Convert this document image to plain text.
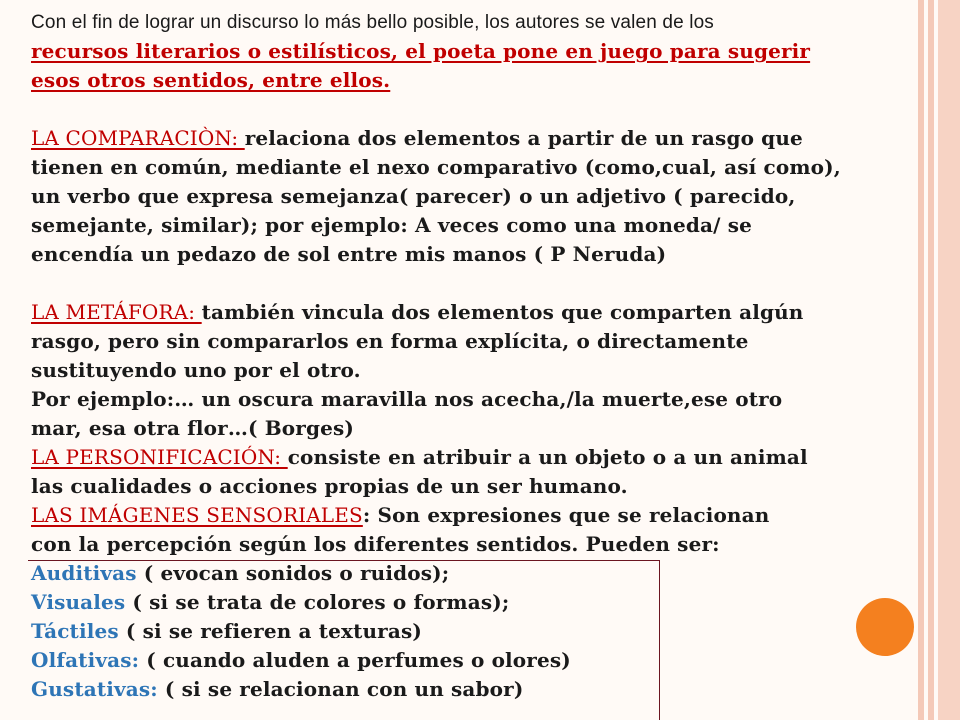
Con el fin de lograr un discurso lo más bello posible, los autores se valen de los
recursos literarios o estilísticos, el poeta pone en juego para sugerir
esos otros sentidos, entre ellos.
LA COMPARACIÒN: relaciona dos elementos a partir de un rasgo que
tienen en común, mediante el nexo comparativo (como,cual, así como),
un verbo que expresa semejanza( parecer) o un adjetivo ( parecido,
semejante, similar); por ejemplo: A veces como una moneda/ se
encendía un pedazo de sol entre mis manos ( P Neruda)
LA METÁFORA: también vincula dos elementos que comparten algún
rasgo, pero sin compararlos en forma explícita, o directamente
sustituyendo uno por el otro.
Por ejemplo:… un oscura maravilla nos acecha,/la muerte,ese otro
mar, esa otra flor…( Borges)
LA PERSONIFICACIÓN: consiste en atribuir a un objeto o a un animal
las cualidades o acciones propias de un ser humano.
LAS IMÁGENES SENSORIALES: Son expresiones que se relacionan
con la percepción según los diferentes sentidos. Pueden ser:
Auditivas ( evocan sonidos o ruidos);
Visuales ( si se trata de colores o formas);
Táctiles ( si se refieren a texturas)
Olfativas: ( cuando aluden a perfumes o olores)
Gustativas: ( si se relacionan con un sabor)
